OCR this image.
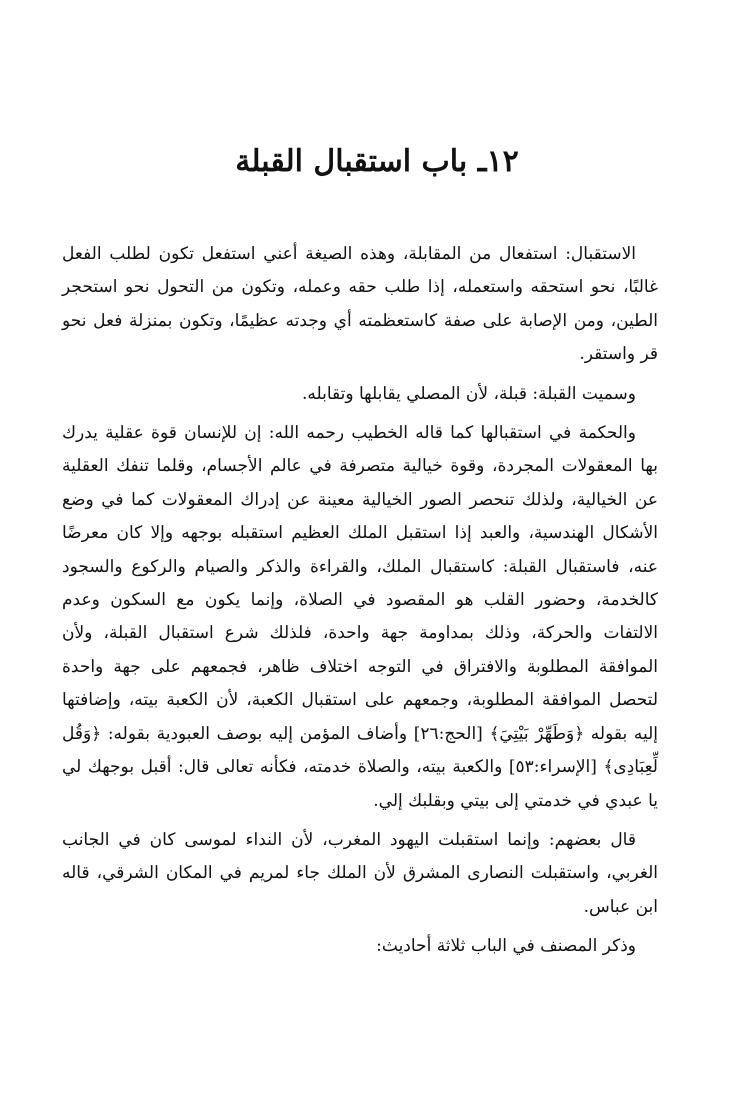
١٢ـ باب استقبال القبلة

الاستقبال: استفعال من المقابلة، وهذه الصيغة أعني استفعل تكون لطلب الفعل غالبًا، نحو استحقه واستعمله، إذا طلب حقه وعمله، وتكون من التحول نحو استحجر الطين، ومن الإصابة على صفة كاستعظمته أي وجدته عظيمًا، وتكون بمنزلة فعل نحو قر واستقر.

وسميت القبلة: قبلة، لأن المصلي يقابلها وتقابله.

والحكمة في استقبالها كما قاله الخطيب رحمه الله: إن للإنسان قوة عقلية يدرك بها المعقولات المجردة، وقوة خيالية متصرفة في عالم الأجسام، وقلما تنفك العقلية عن الخيالية، ولذلك تنحصر الصور الخيالية معينة عن إدراك المعقولات كما في وضع الأشكال الهندسية، والعبد إذا استقبل الملك العظيم استقبله بوجهه وإلا كان معرضًا عنه، فاستقبال القبلة: كاستقبال الملك، والقراءة والذكر والصيام والركوع والسجود كالخدمة، وحضور القلب هو المقصود في الصلاة، وإنما يكون مع السكون وعدم الالتفات والحركة، وذلك بمداومة جهة واحدة، فلذلك شرع استقبال القبلة، ولأن الموافقة المطلوبة والافتراق في التوجه اختلاف ظاهر، فجمعهم على جهة واحدة لتحصل الموافقة المطلوبة، وجمعهم على استقبال الكعبة، لأن الكعبة بيته، وإضافتها إليه بقوله ﴿وَطَهِّرْ بَيْتِيَ﴾ [الحج:٢٦] وأضاف المؤمن إليه بوصف العبودية بقوله: ﴿وَقُل لِّعِبَادِى﴾ [الإسراء:٥٣] والكعبة بيته، والصلاة خدمته، فكأنه تعالى قال: أقبل بوجهك لي يا عبدي في خدمتي إلى بيتي وبقلبك إلي.

قال بعضهم: وإنما استقبلت اليهود المغرب، لأن النداء لموسى كان في الجانب الغربي، واستقبلت النصارى المشرق لأن الملك جاء لمريم في المكان الشرقي، قاله ابن عباس.

وذكر المصنف في الباب ثلاثة أحاديث:
